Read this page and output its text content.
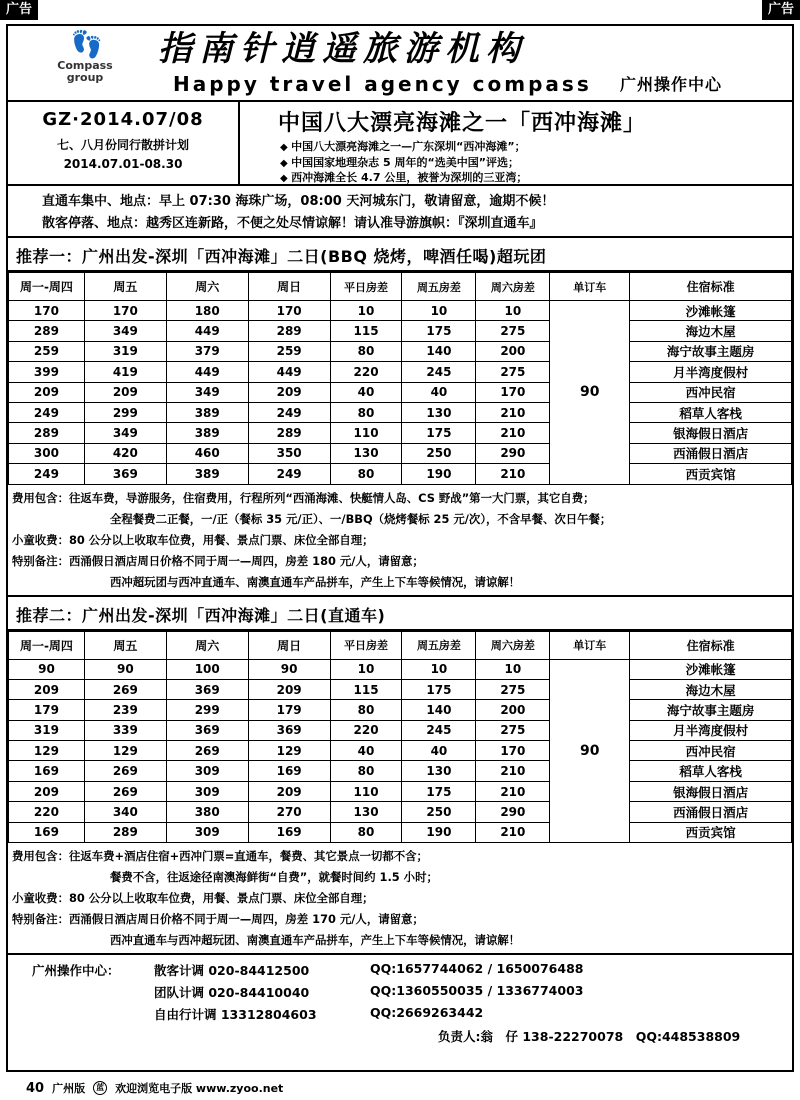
广告	广告
👣
Compass
group
指南针逍遥旅游机构
Happy travel agency compass 广州操作中心
GZ·2014.07/08
七、八月份同行散拼计划
2014.07.01-08.30
中国八大漂亮海滩之一「西冲海滩」
◆ 中国八大漂亮海滩之一—广东深圳“西冲海滩”；
◆ 中国国家地理杂志 5 周年的“选美中国”评选；
◆ 西冲海滩全长 4.7 公里，被誉为深圳的三亚湾；
直通车集中、地点：早上 07:30 海珠广场，08:00 天河城东门，敬请留意，逾期不候！
散客停落、地点：越秀区连新路，不便之处尽情谅解！请认准导游旗帜：『深圳直通车』
推荐一：广州出发-深圳「西冲海滩」二日(BBQ 烧烤，啤酒任喝)超玩团
周一-周四	周五	周六	周日	平日房差	周五房差	周六房差	单订车	住宿标准
170	170	180	170	10	10	10	90	沙滩帐篷
289	349	449	289	115	175	275		海边木屋
259	319	379	259	80	140	200		海宁故事主题房
399	419	449	449	220	245	275		月半湾度假村
209	209	349	209	40	40	170		西冲民宿
249	299	389	249	80	130	210		稻草人客栈
289	349	389	289	110	175	210		银海假日酒店
300	420	460	350	130	250	290		西涌假日酒店
249	369	389	249	80	190	210		西贡宾馆
费用包含：往返车费，导游服务，住宿费用，行程所列“西涌海滩、快艇情人岛、CS 野战”第一大门票，其它自费；
全程餐费二正餐，一/正（餐标 35 元/正）、一/BBQ（烧烤餐标 25 元/次），不含早餐、次日午餐；
小童收费：80 公分以上收取车位费，用餐、景点门票、床位全部自理；
特别备注：西涌假日酒店周日价格不同于周一—周四，房差 180 元/人，请留意；
西冲超玩团与西冲直通车、南澳直通车产品拼车，产生上下车等候情况，请谅解！
推荐二：广州出发-深圳「西冲海滩」二日(直通车)
周一-周四	周五	周六	周日	平日房差	周五房差	周六房差	单订车	住宿标准
90	90	100	90	10	10	10	90	沙滩帐篷
209	269	369	209	115	175	275		海边木屋
179	239	299	179	80	140	200		海宁故事主题房
319	339	369	369	220	245	275		月半湾度假村
129	129	269	129	40	40	170		西冲民宿
169	269	309	169	80	130	210		稻草人客栈
209	269	309	209	110	175	210		银海假日酒店
220	340	380	270	130	250	290		西涌假日酒店
169	289	309	169	80	190	210		西贡宾馆
费用包含：往返车费+酒店住宿+西冲门票=直通车，餐费、其它景点一切都不含；
餐费不含，往返途径南澳海鲜街“自费”，就餐时间约 1.5 小时；
小童收费：80 公分以上收取车位费，用餐、景点门票、床位全部自理；
特别备注：西涌假日酒店周日价格不同于周一—周四，房差 170 元/人，请留意；
西冲直通车与西冲超玩团、南澳直通车产品拼车，产生上下车等候情况，请谅解！
广州操作中心：	散客计调 020-84412500	QQ:1657744062 / 1650076488
团队计调 020-84410040	QQ:1360550035 / 1336774003
自由行计调 13312804603	QQ:2669263442
负责人:翁　仔 138-22270078　QQ:448538809
40 广州版	蓝 欢迎浏览电子版 www.zyoo.net
